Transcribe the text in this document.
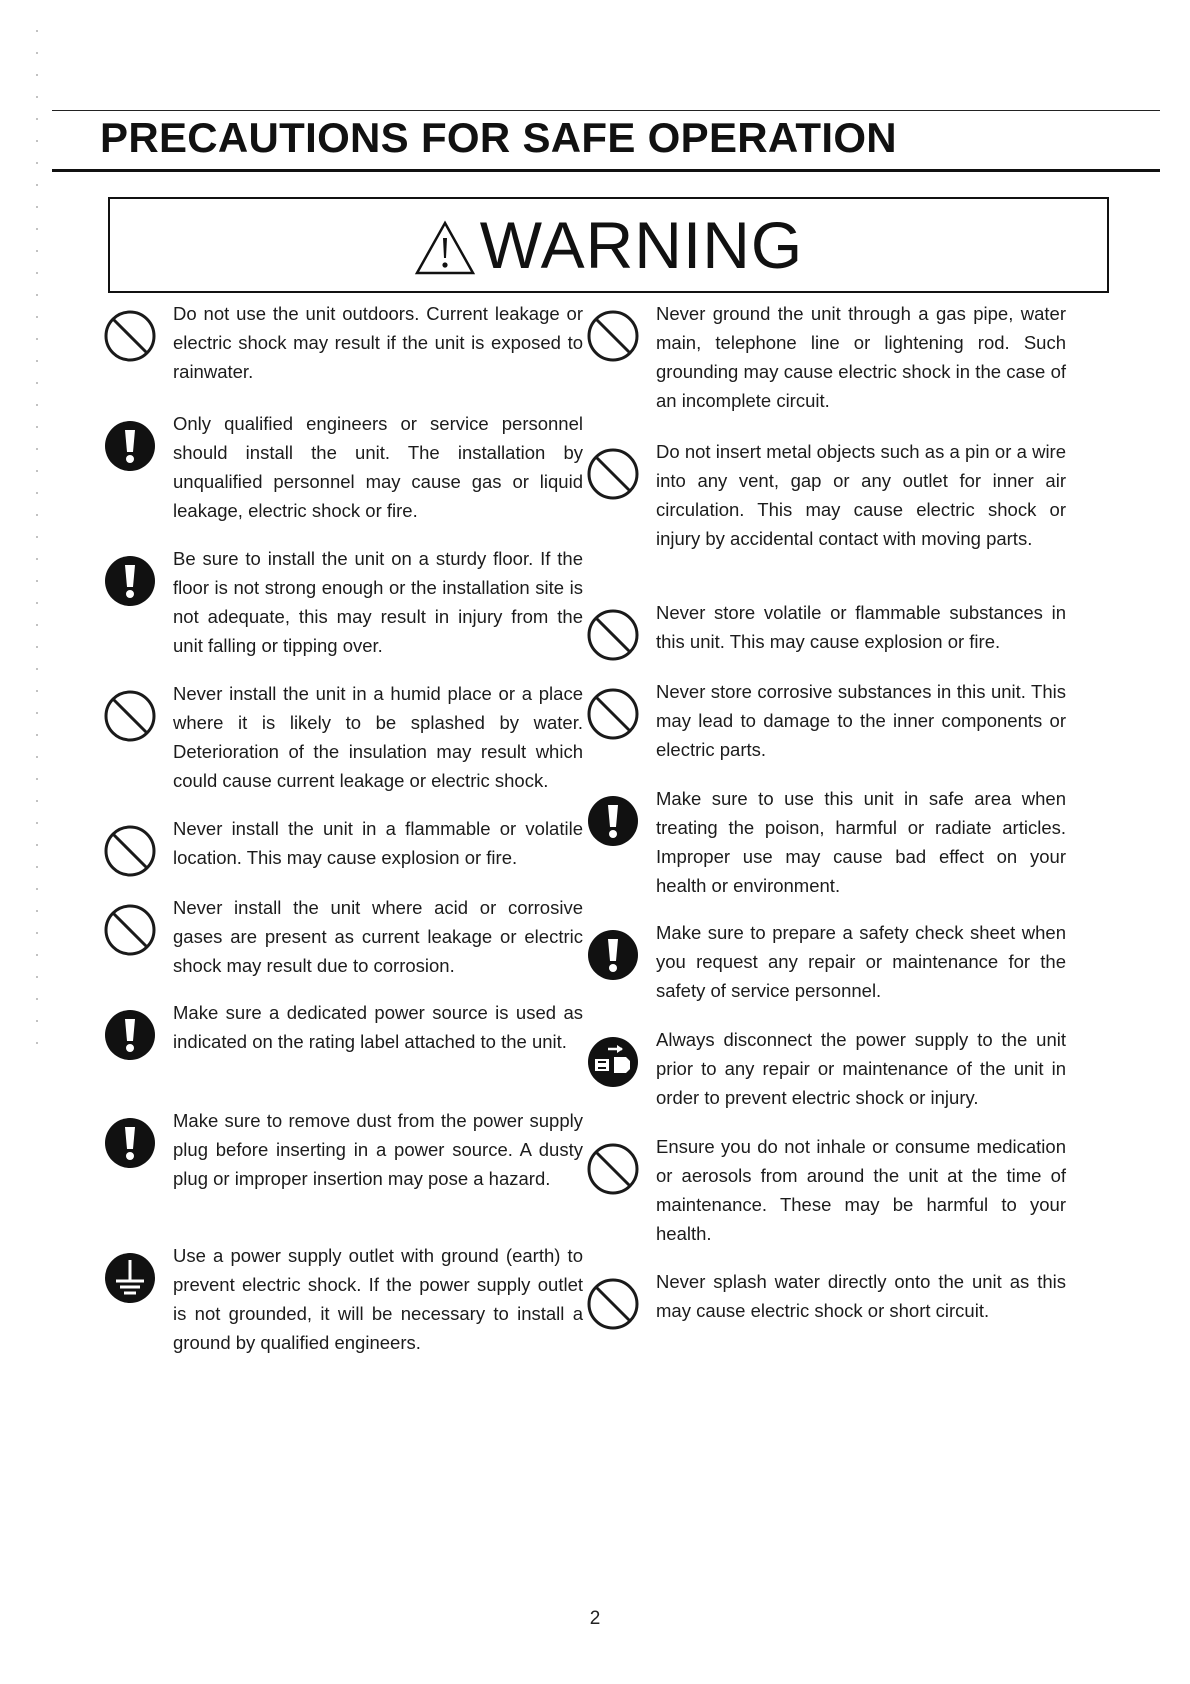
PRECAUTIONS FOR SAFE OPERATION
WARNING

Do not use the unit outdoors. Current leakage or electric shock may result if the unit is exposed to rainwater.

Only qualified engineers or service personnel should install the unit. The installation by unqualified personnel may cause gas or liquid leakage, electric shock or fire.

Be sure to install the unit on a sturdy floor. If the floor is not strong enough or the installation site is not adequate, this may result in injury from the unit falling or tipping over.

Never install the unit in a humid place or a place where it is likely to be splashed by water. Deterioration of the insulation may result which could cause current leakage or electric shock.

Never install the unit in a flammable or volatile location. This may cause explosion or fire.

Never install the unit where acid or corrosive gases are present as current leakage or electric shock may result due to corrosion.

Make sure a dedicated power source is used as indicated on the rating label attached to the unit.

Make sure to remove dust from the power supply plug before inserting in a power source. A dusty plug or improper insertion may pose a hazard.

Use a power supply outlet with ground (earth) to prevent electric shock. If the power supply outlet is not grounded, it will be necessary to install a ground by qualified engineers.

Never ground the unit through a gas pipe, water main, telephone line or lightening rod. Such grounding may cause electric shock in the case of an incomplete circuit.

Do not insert metal objects such as a pin or a wire into any vent, gap or any outlet for inner air circulation. This may cause electric shock or injury by accidental contact with moving parts.

Never store volatile or flammable substances in this unit. This may cause explosion or fire.

Never store corrosive substances in this unit. This may lead to damage to the inner components or electric parts.

Make sure to use this unit in safe area when treating the poison, harmful or radiate articles. Improper use may cause bad effect on your health or environment.

Make sure to prepare a safety check sheet when you request any repair or maintenance for the safety of service personnel.

Always disconnect the power supply to the unit prior to any repair or maintenance of the unit in order to prevent electric shock or injury.

Ensure you do not inhale or consume medication or aerosols from around the unit at the time of maintenance. These may be harmful to your health.

Never splash water directly onto the unit as this may cause electric shock or short circuit.

2
